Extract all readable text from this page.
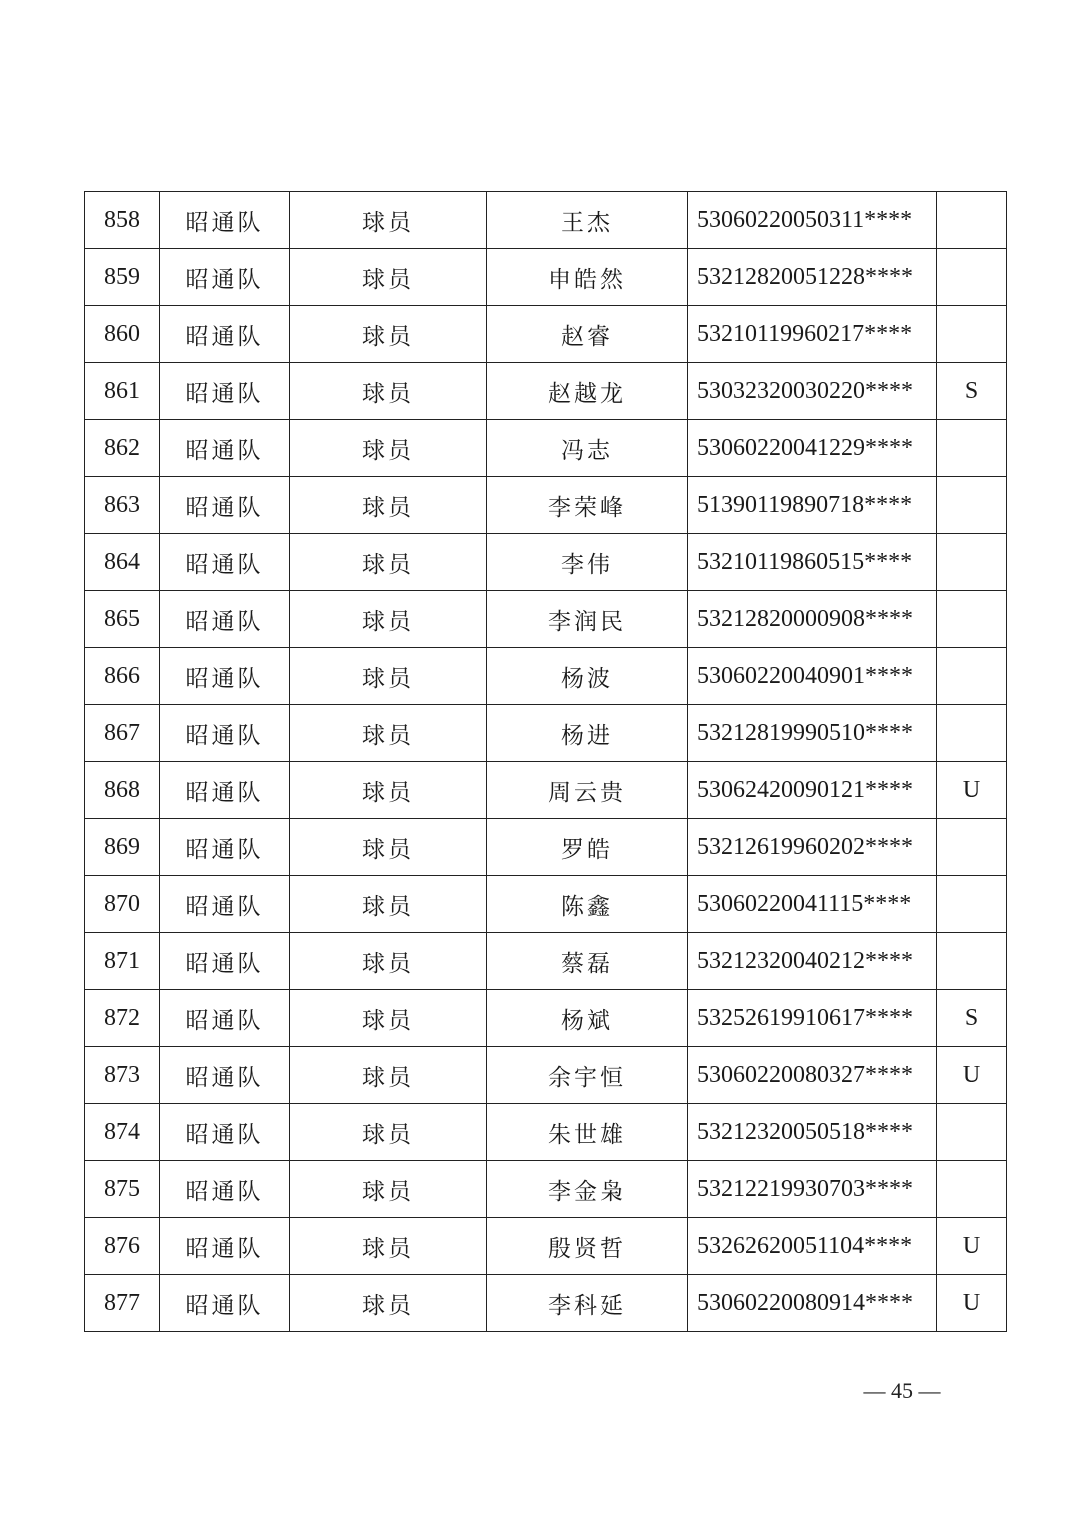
858	昭通队	球员	王杰	53060220050311****	
859	昭通队	球员	申皓然	53212820051228****	
860	昭通队	球员	赵睿	53210119960217****	
861	昭通队	球员	赵越龙	53032320030220****	S
862	昭通队	球员	冯志	53060220041229****	
863	昭通队	球员	李荣峰	51390119890718****	
864	昭通队	球员	李伟	53210119860515****	
865	昭通队	球员	李润民	53212820000908****	
866	昭通队	球员	杨波	53060220040901****	
867	昭通队	球员	杨进	53212819990510****	
868	昭通队	球员	周云贵	53062420090121****	U
869	昭通队	球员	罗皓	53212619960202****	
870	昭通队	球员	陈鑫	53060220041115****	
871	昭通队	球员	蔡磊	53212320040212****	
872	昭通队	球员	杨斌	53252619910617****	S
873	昭通队	球员	余宇恒	53060220080327****	U
874	昭通队	球员	朱世雄	53212320050518****	
875	昭通队	球员	李金枭	53212219930703****	
876	昭通队	球员	殷贤哲	53262620051104****	U
877	昭通队	球员	李科延	53060220080914****	U
— 45 —
